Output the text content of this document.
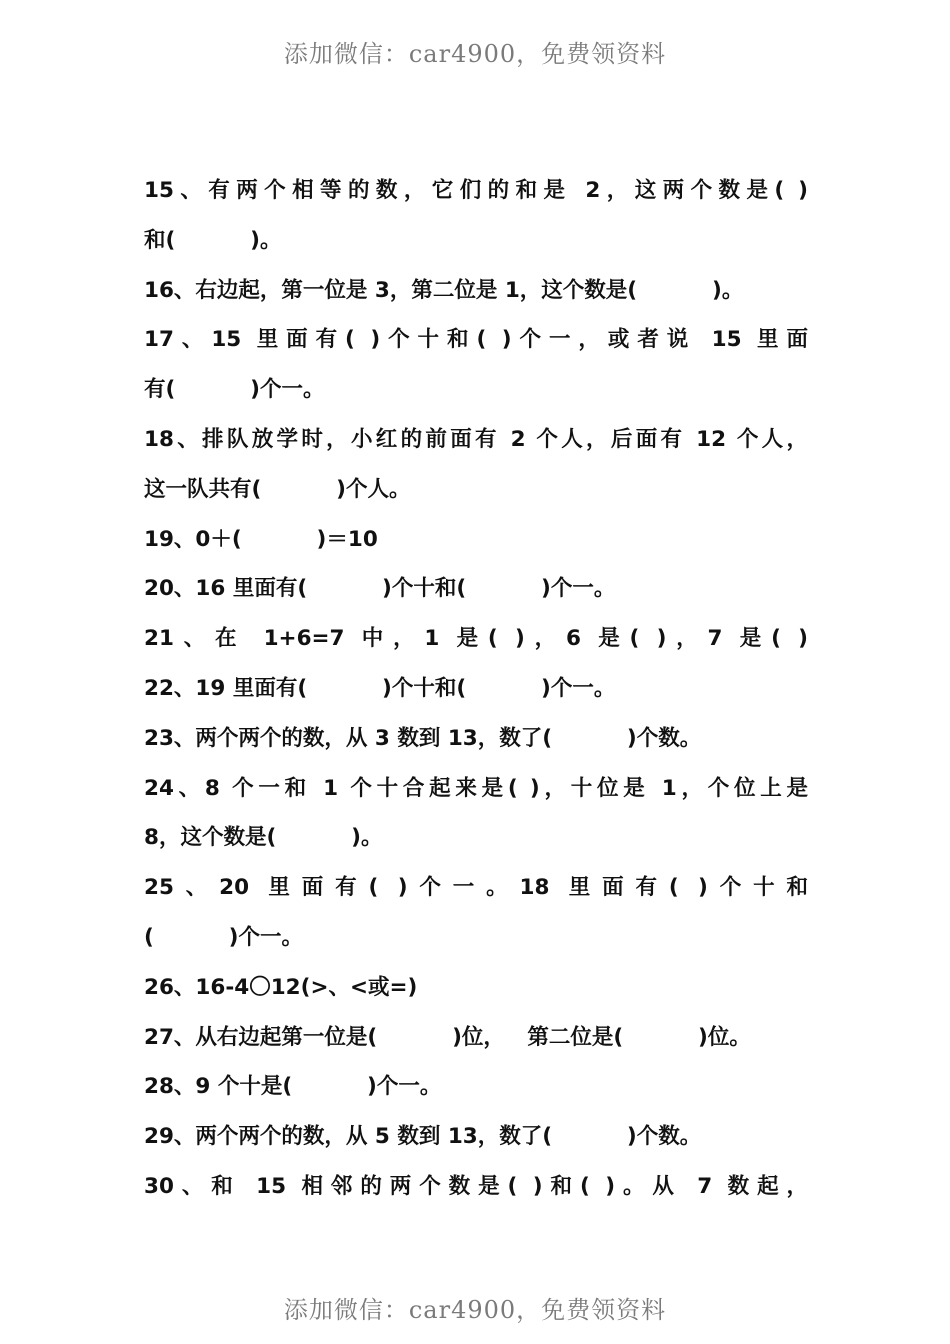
添加微信：car4900，免费领资料
15、有两个相等的数，它们的和是 2，这两个数是( )
和(          )。
16、右边起，第一位是 3，第二位是 1，这个数是(          )。
17、15 里面有( )个十和( )个一，或者说 15 里面
有(          )个一。
18、排队放学时，小红的前面有 2 个人，后面有 12 个人，
这一队共有(          )个人。
19、0＋(          )＝10
20、16 里面有(          )个十和(          )个一。
21、在 1+6=7 中，1 是( )，6 是( )，7 是( )
22、19 里面有(          )个十和(          )个一。
23、两个两个的数，从 3 数到 13，数了(          )个数。
24、8 个一和 1 个十合起来是( )，十位是 1，个位上是
8，这个数是(          )。
25、20 里面有( )个一。18 里面有( )个十和
(          )个一。
26、16-4〇12(>、<或=)
27、从右边起第一位是(          )位，   第二位是(          )位。
28、9 个十是(          )个一。
29、两个两个的数，从 5 数到 13，数了(          )个数。
30、和 15 相邻的两个数是( )和( )。从 7 数起，
添加微信：car4900，免费领资料
